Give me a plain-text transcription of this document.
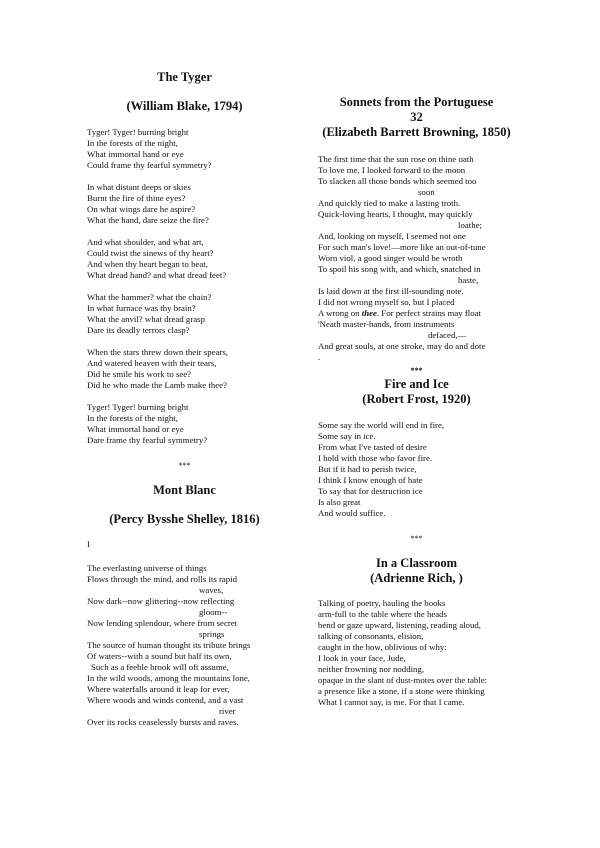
The Tyger

(William Blake, 1794)

Tyger! Tyger! burning bright
In the forests of the night,
What immortal hand or eye
Could frame thy fearful symmetry?
In what distant deeps or skies
Burnt the fire of thine eyes?
On what wings dare he aspire?
What the hand, dare seize the fire?
And what shoulder, and what art,
Could twist the sinews of thy heart?
And when thy heart began to beat,
What dread hand? and what dread feet?
What the hammer? what the chain?
In what furnace was thy brain?
What the anvil? what dread grasp
Dare its deadly terrors clasp?
When the stars threw down their spears,
And watered heaven with their tears,
Did he smile his work to see?
Did he who made the Lamb make thee?
Tyger! Tyger! burning bright
In the forests of the night,
What immortal hand or eye
Dare frame thy fearful symmetry?

***

Mont Blanc

(Percy Bysshe Shelley, 1816)

I

The everlasting universe of things
Flows through the mind, and rolls its rapid
waves,
Now dark--now glittering--now reflecting
gloom--
Now lending splendour, where from secret
springs
The source of human thought its tribute brings
Of waters--with a sound but half its own,
Such as a feeble brook will oft assume,
In the wild woods, among the mountains lone,
Where waterfalls around it leap for ever,
Where woods and winds contend, and a vast
river
Over its rocks ceaselessly bursts and raves.

Sonnets from the Portuguese

32

(Elizabeth Barrett Browning, 1850)

The first time that the sun rose on thine oath
To love me, I looked forward to the moon
To slacken all those bonds which seemed too
soon
And quickly tied to make a lasting troth.
Quick-loving hearts, I thought, may quickly
loathe;
And, looking on myself, I seemed not one
For such man's love!—more like an out-of-tune
Worn viol, a good singer would be wroth
To spoil his song with, and which, snatched in
haste,
Is laid down at the first ill-sounding note.
I did not wrong myself so, but I placed
A wrong on thee. For perfect strains may float
'Neath master-hands, from instruments
defaced,—
And great souls, at one stroke, may do and dote
.

***

Fire and Ice

(Robert Frost, 1920)

Some say the world will end in fire,
Some say in ice.
From what I've tasted of desire
I hold with those who favor fire.
But if it had to perish twice,
I think I know enough of hate
To say that for destruction ice
Is also great
And would suffice.

***

In a Classroom

(Adrienne Rich, )

Talking of poetry, hauling the books
arm-full to the table where the heads
bend or gaze upward, listening, reading aloud,
talking of consonants, elision,
caught in the how, oblivious of why:
I look in your face, Jude,
neither frowning nor nodding,
opaque in the slant of dust-motes over the table:
a presence like a stone, if a stone were thinking
What I cannot say, is me. For that I came.
